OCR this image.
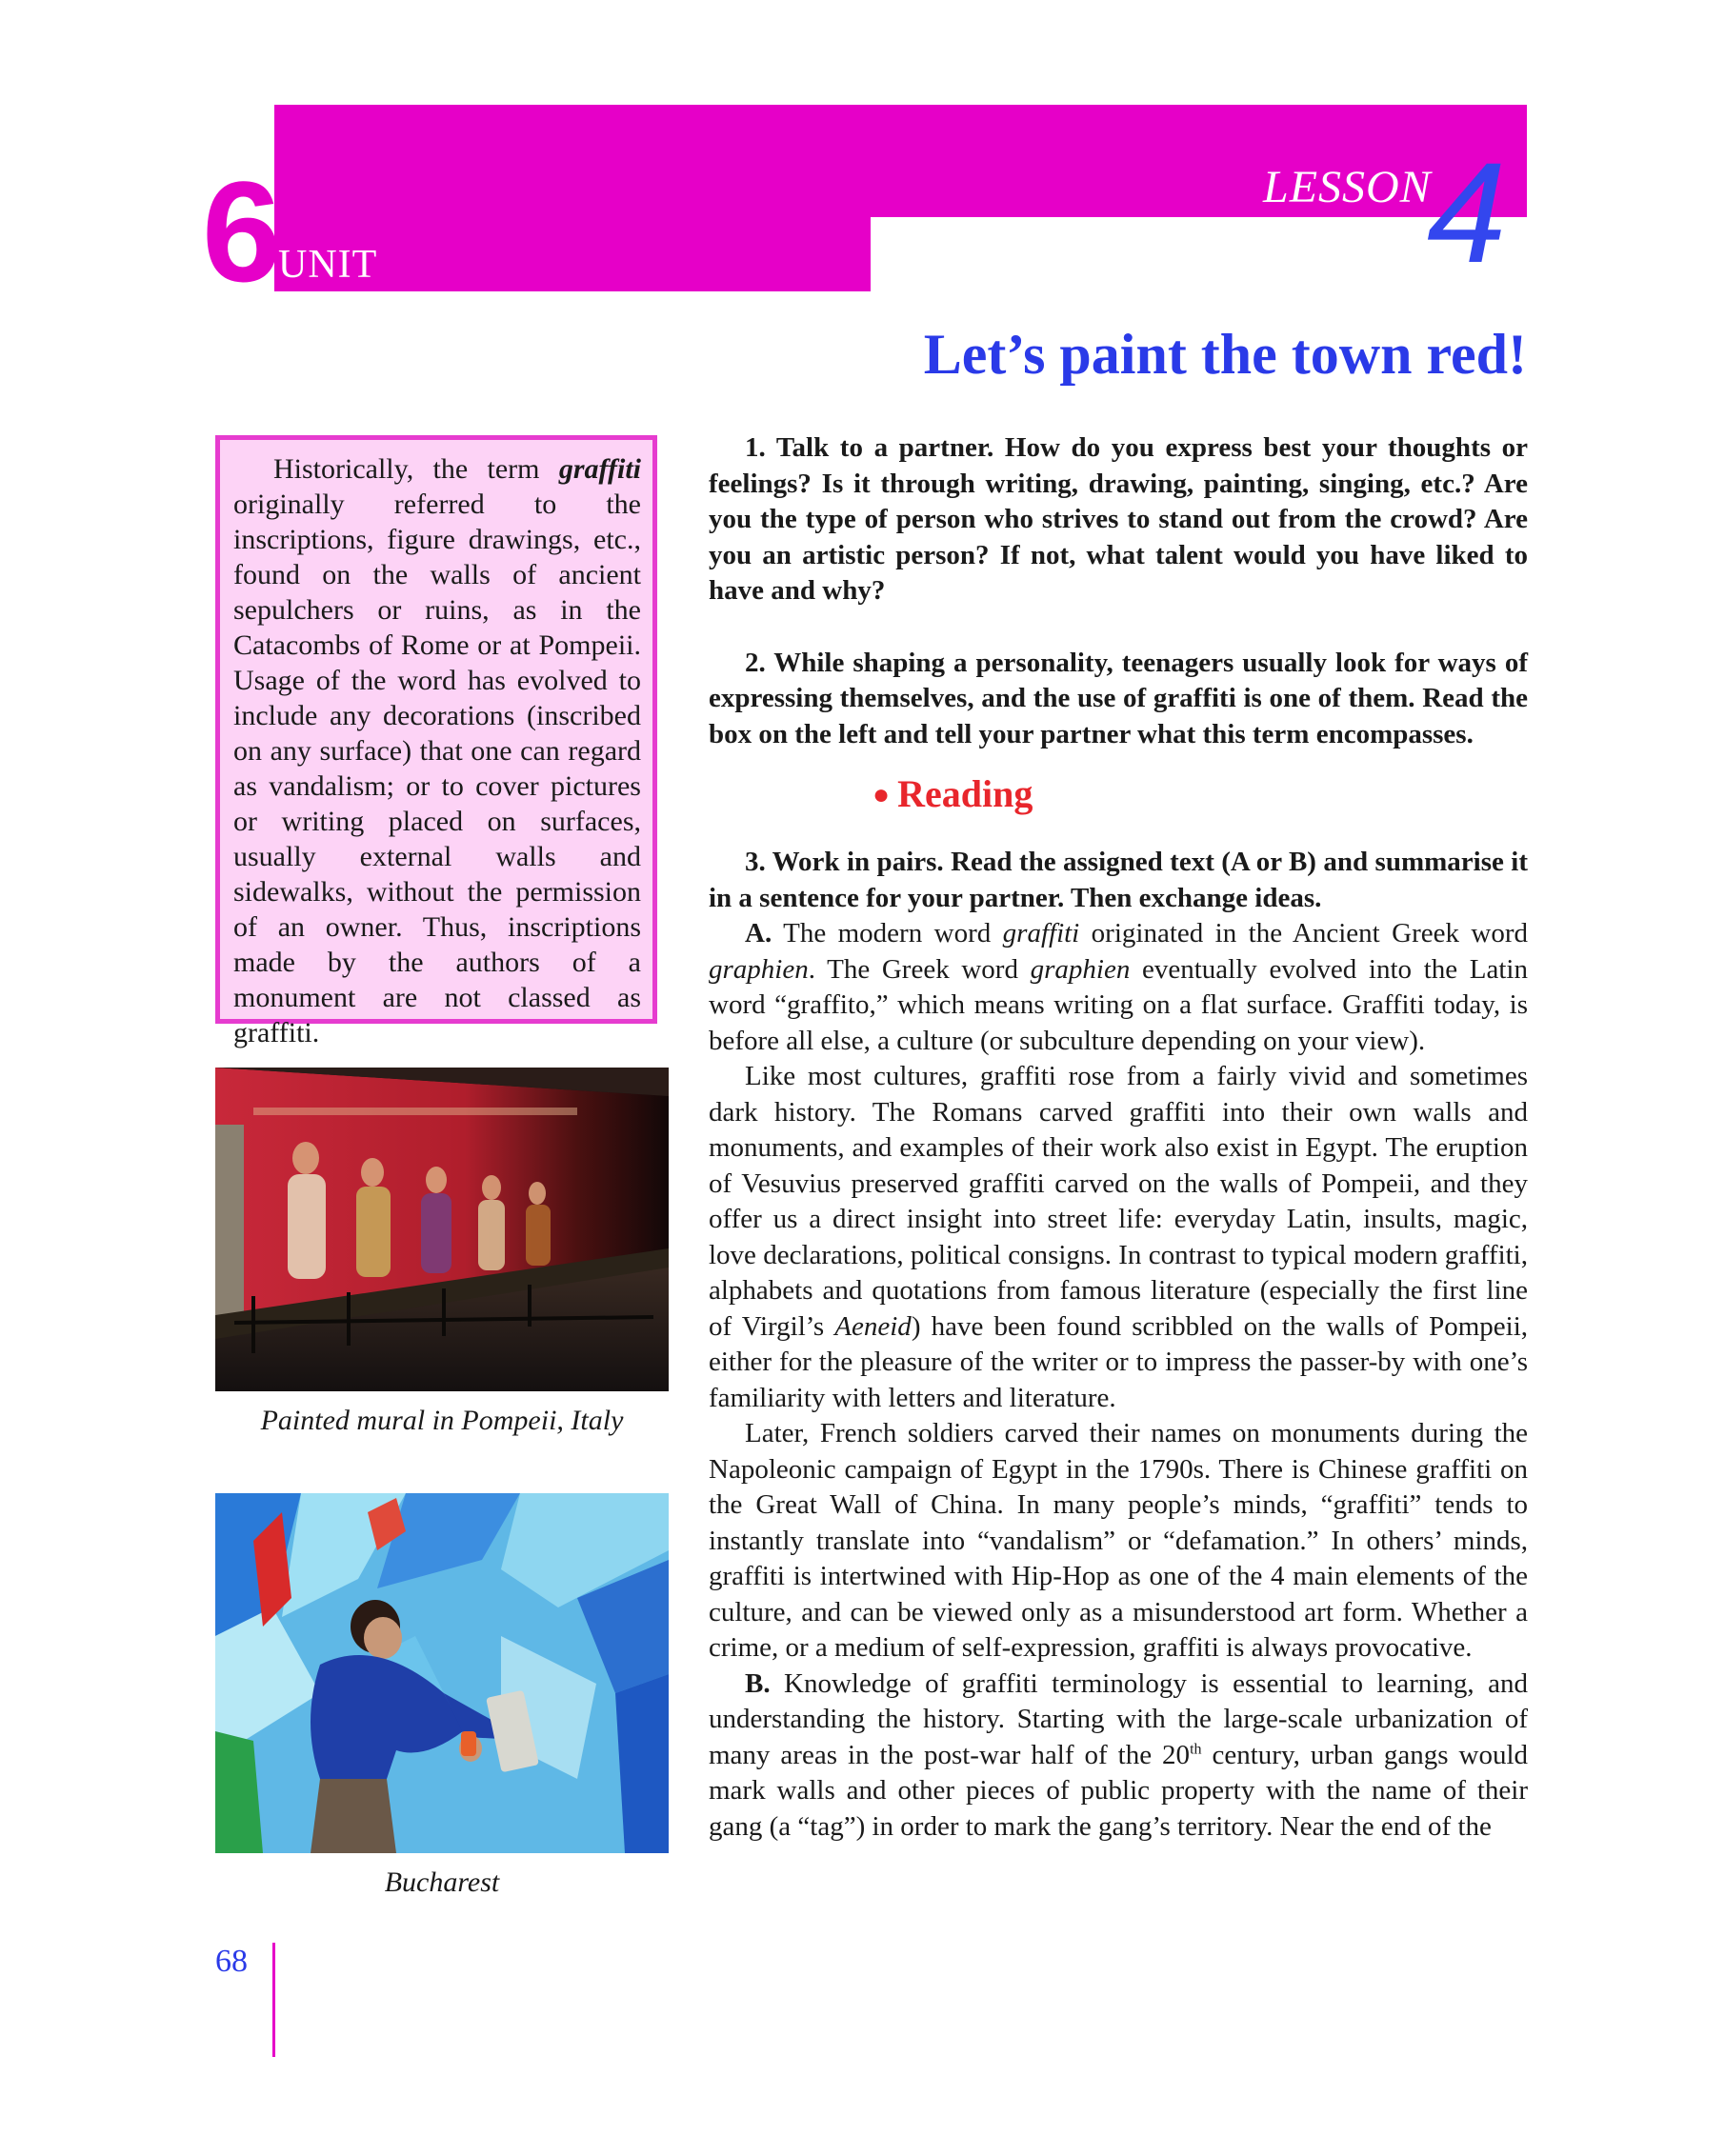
6 UNIT
LESSON
4
Let’s paint the town red!

Historically, the term graffiti originally referred to the inscriptions, figure drawings, etc., found on the walls of ancient sepulchers or ruins, as in the Catacombs of Rome or at Pompeii. Usage of the word has evolved to include any decorations (inscribed on any surface) that one can regard as vandalism; or to cover pictures or writing placed on surfaces, usually external walls and sidewalks, without the permission of an owner. Thus, inscriptions made by the authors of a monument are not classed as graffiti.

Painted mural in Pompeii, Italy
Bucharest

1. Talk to a partner. How do you express best your thoughts or feelings? Is it through writing, drawing, painting, singing, etc.? Are you the type of person who strives to stand out from the crowd? Are you an artistic person? If not, what talent would you have liked to have and why?

2. While shaping a personality, teenagers usually look for ways of expressing themselves, and the use of graffiti is one of them. Read the box on the left and tell your partner what this term encompasses.

● Reading

3. Work in pairs. Read the assigned text (A or B) and summarise it in a sentence for your partner. Then exchange ideas.

A. The modern word graffiti originated in the Ancient Greek word graphien. The Greek word graphien eventually evolved into the Latin word “graffito,” which means writing on a flat surface. Graffiti today, is before all else, a culture (or subculture depending on your view).

Like most cultures, graffiti rose from a fairly vivid and sometimes dark history. The Romans carved graffiti into their own walls and monuments, and examples of their work also exist in Egypt. The eruption of Vesuvius preserved graffiti carved on the walls of Pompeii, and they offer us a direct insight into street life: everyday Latin, insults, magic, love declarations, political consigns. In contrast to typical modern graffiti, alphabets and quotations from famous literature (especially the first line of Virgil’s Aeneid) have been found scribbled on the walls of Pompeii, either for the pleasure of the writer or to impress the passer-by with one’s familiarity with letters and literature.

Later, French soldiers carved their names on monuments during the Napoleonic campaign of Egypt in the 1790s. There is Chinese graffiti on the Great Wall of China. In many people’s minds, “graffiti” tends to instantly translate into “vandalism” or “defamation.” In others’ minds, graffiti is intertwined with Hip-Hop as one of the 4 main elements of the culture, and can be viewed only as a misunderstood art form. Whether a crime, or a medium of self-expression, graffiti is always provocative.

B. Knowledge of graffiti terminology is essential to learning, and understanding the history. Starting with the large-scale urbanization of many areas in the post-war half of the 20th century, urban gangs would mark walls and other pieces of public property with the name of their gang (a “tag”) in order to mark the gang’s territory. Near the end of the

68
